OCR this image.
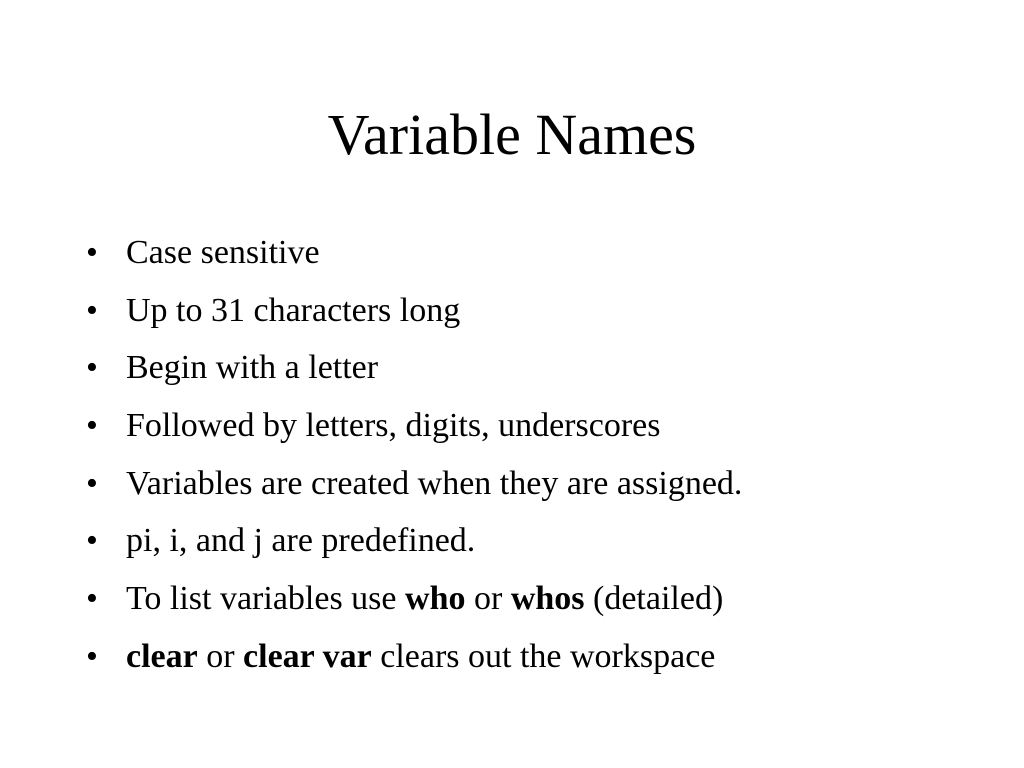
Variable Names
• Case sensitive
• Up to 31 characters long
• Begin with a letter
• Followed by letters, digits, underscores
• Variables are created when they are assigned.
• pi, i, and j are predefined.
• To list variables use who or whos (detailed)
• clear or clear var clears out the workspace
